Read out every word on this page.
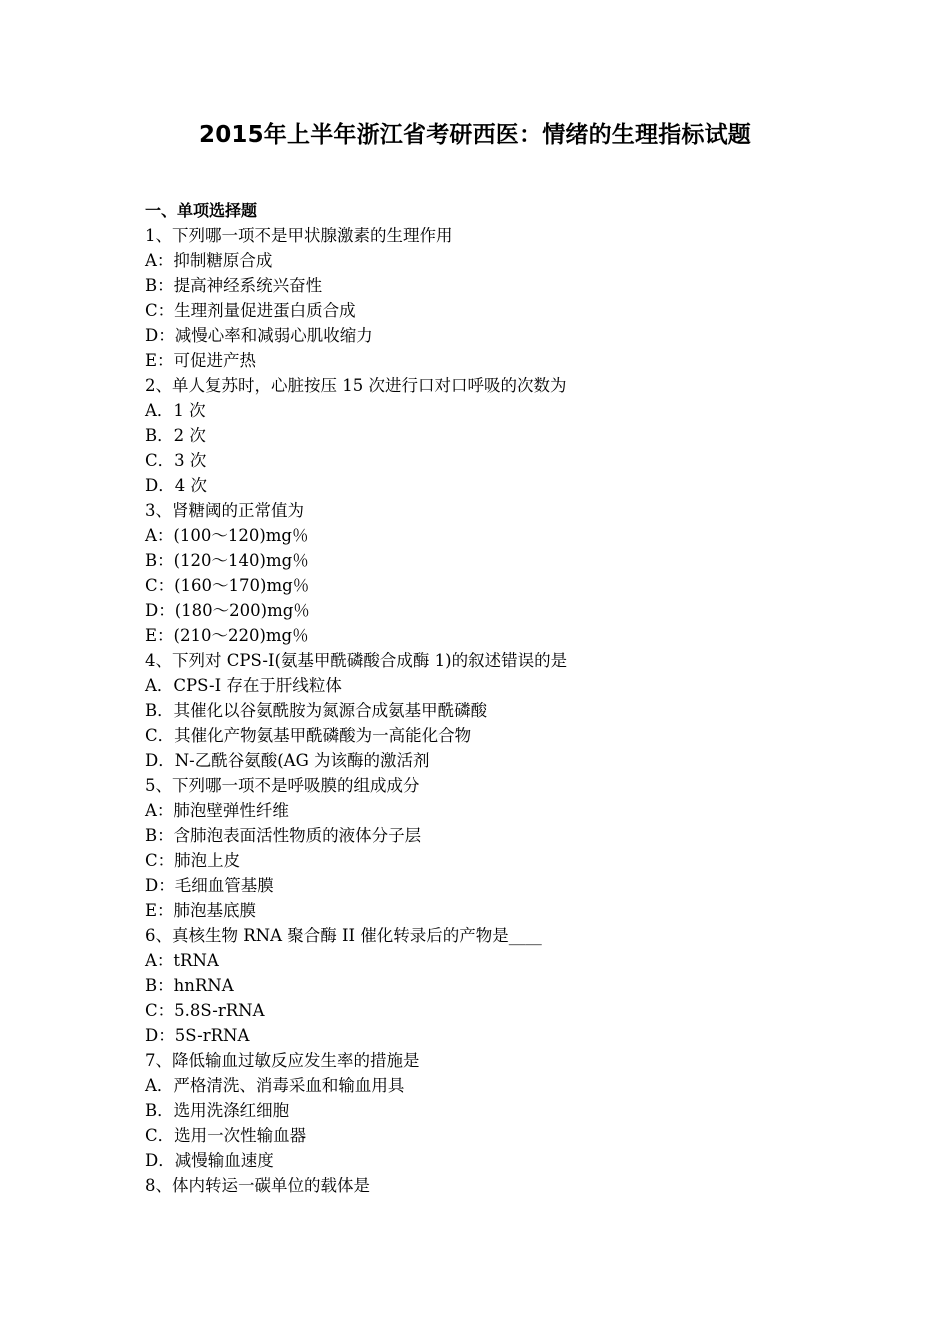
2015年上半年浙江省考研西医：情绪的生理指标试题
一、单项选择题
1、下列哪一项不是甲状腺激素的生理作用
A：抑制糖原合成
B：提高神经系统兴奋性
C：生理剂量促进蛋白质合成
D：减慢心率和减弱心肌收缩力
E：可促进产热
2、单人复苏时，心脏按压 15 次进行口对口呼吸的次数为
A．1 次
B．2 次
C．3 次
D．4 次
3、肾糖阈的正常值为
A：(100～120)mg％
B：(120～140)mg％
C：(160～170)mg％
D：(180～200)mg％
E：(210～220)mg％
4、下列对 CPS-I(氨基甲酰磷酸合成酶 1)的叙述错误的是
A．CPS-I 存在于肝线粒体
B．其催化以谷氨酰胺为氮源合成氨基甲酰磷酸
C．其催化产物氨基甲酰磷酸为一高能化合物
D．N-乙酰谷氨酸(AG 为该酶的激活剂
5、下列哪一项不是呼吸膜的组成成分
A：肺泡壁弹性纤维
B：含肺泡表面活性物质的液体分子层
C：肺泡上皮
D：毛细血管基膜
E：肺泡基底膜
6、真核生物 RNA 聚合酶 II 催化转录后的产物是____
A：tRNA
B：hnRNA
C：5.8S-rRNA
D：5S-rRNA
7、降低输血过敏反应发生率的措施是
A．严格清洗、消毒采血和输血用具
B．选用洗涤红细胞
C．选用一次性输血器
D．减慢输血速度
8、体内转运一碳单位的载体是
